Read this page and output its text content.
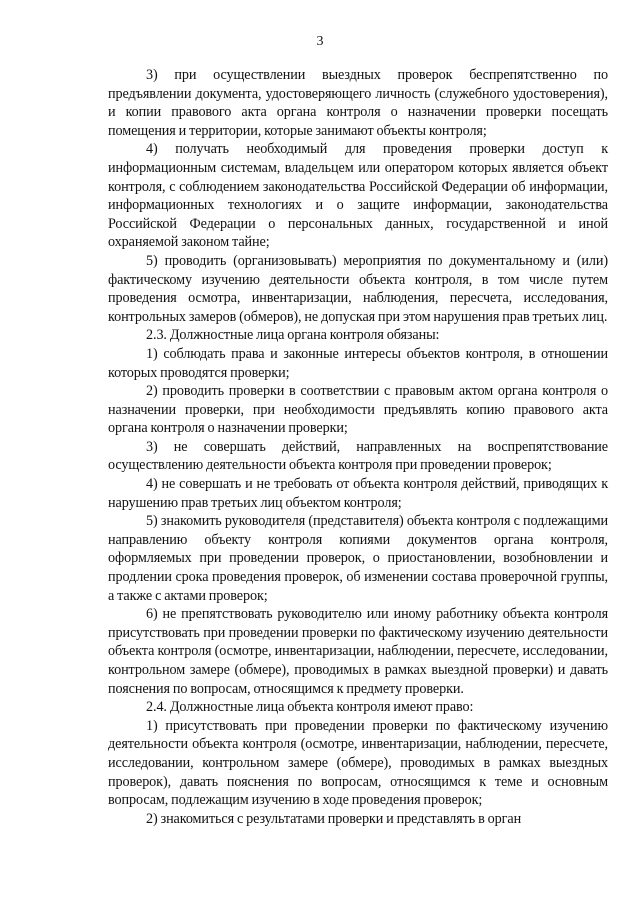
3

3) при осуществлении выездных проверок беспрепятственно по предъявлении документа, удостоверяющего личность (служебного удостоверения), и копии правового акта органа контроля о назначении проверки посещать помещения и территории, которые занимают объекты контроля;

4) получать необходимый для проведения проверки доступ к информационным системам, владельцем или оператором которых является объект контроля, с соблюдением законодательства Российской Федерации об информации, информационных технологиях и о защите информации, законодательства Российской Федерации о персональных данных, государственной и иной охраняемой законом тайне;

5) проводить (организовывать) мероприятия по документальному и (или) фактическому изучению деятельности объекта контроля, в том числе путем проведения осмотра, инвентаризации, наблюдения, пересчета, исследования, контрольных замеров (обмеров), не допуская при этом нарушения прав третьих лиц.

2.3. Должностные лица органа контроля обязаны:

1) соблюдать права и законные интересы объектов контроля, в отношении которых проводятся проверки;

2) проводить проверки в соответствии с правовым актом органа контроля о назначении проверки, при необходимости предъявлять копию правового акта органа контроля о назначении проверки;

3) не совершать действий, направленных на воспрепятствование осуществлению деятельности объекта контроля при проведении проверок;

4) не совершать и не требовать от объекта контроля действий, приводящих к нарушению прав третьих лиц объектом контроля;

5) знакомить руководителя (представителя) объекта контроля с подлежащими направлению объекту контроля копиями документов органа контроля, оформляемых при проведении проверок, о приостановлении, возобновлении и продлении срока проведения проверок, об изменении состава проверочной группы, а также с актами проверок;

6) не препятствовать руководителю или иному работнику объекта контроля присутствовать при проведении проверки по фактическому изучению деятельности объекта контроля (осмотре, инвентаризации, наблюдении, пересчете, исследовании, контрольном замере (обмере), проводимых в рамках выездной проверки) и давать пояснения по вопросам, относящимся к предмету проверки.

2.4. Должностные лица объекта контроля имеют право:

1) присутствовать при проведении проверки по фактическому изучению деятельности объекта контроля (осмотре, инвентаризации, наблюдении, пересчете, исследовании, контрольном замере (обмере), проводимых в рамках выездных проверок), давать пояснения по вопросам, относящимся к теме и основным вопросам, подлежащим изучению в ходе проведения проверок;

2) знакомиться с результатами проверки и представлять в орган
